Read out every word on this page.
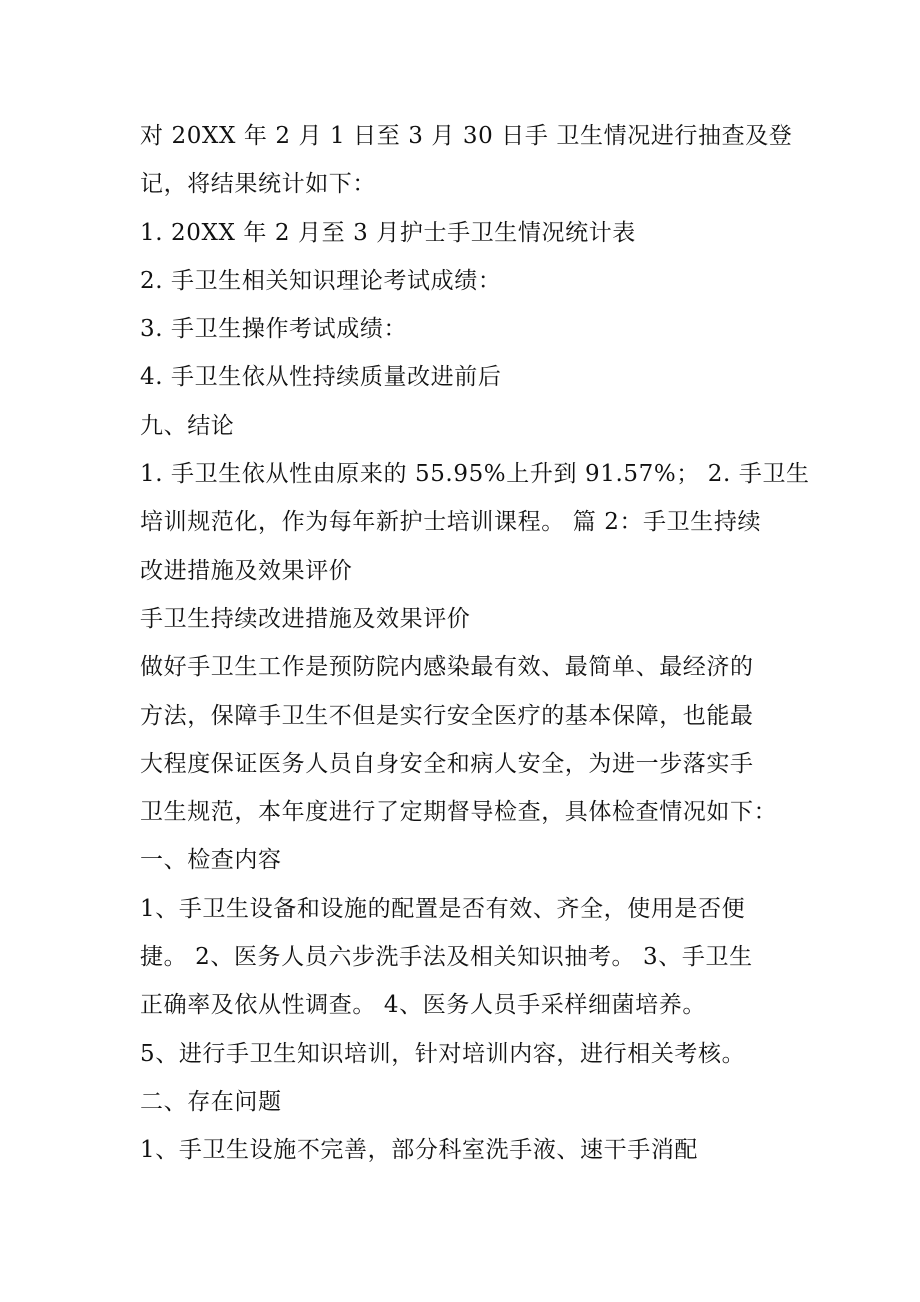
对 20XX 年 2 月 1 日至 3 月 30 日手 卫生情况进行抽查及登
记，将结果统计如下：
1. 20XX 年 2 月至 3 月护士手卫生情况统计表
2. 手卫生相关知识理论考试成绩：
3. 手卫生操作考试成绩：
4. 手卫生依从性持续质量改进前后
九、结论
1. 手卫生依从性由原来的 55.95%上升到 91.57%； 2. 手卫生
培训规范化，作为每年新护士培训课程。 篇 2：手卫生持续
改进措施及效果评价
手卫生持续改进措施及效果评价
做好手卫生工作是预防院内感染最有效、最简单、最经济的
方法，保障手卫生不但是实行安全医疗的基本保障，也能最
大程度保证医务人员自身安全和病人安全，为进一步落实手
卫生规范，本年度进行了定期督导检查，具体检查情况如下：
一、检查内容
1、手卫生设备和设施的配置是否有效、齐全，使用是否便
捷。 2、医务人员六步洗手法及相关知识抽考。 3、手卫生
正确率及依从性调查。 4、医务人员手采样细菌培养。
5、进行手卫生知识培训，针对培训内容，进行相关考核。
二、存在问题
1、手卫生设施不完善，部分科室洗手液、速干手消配
